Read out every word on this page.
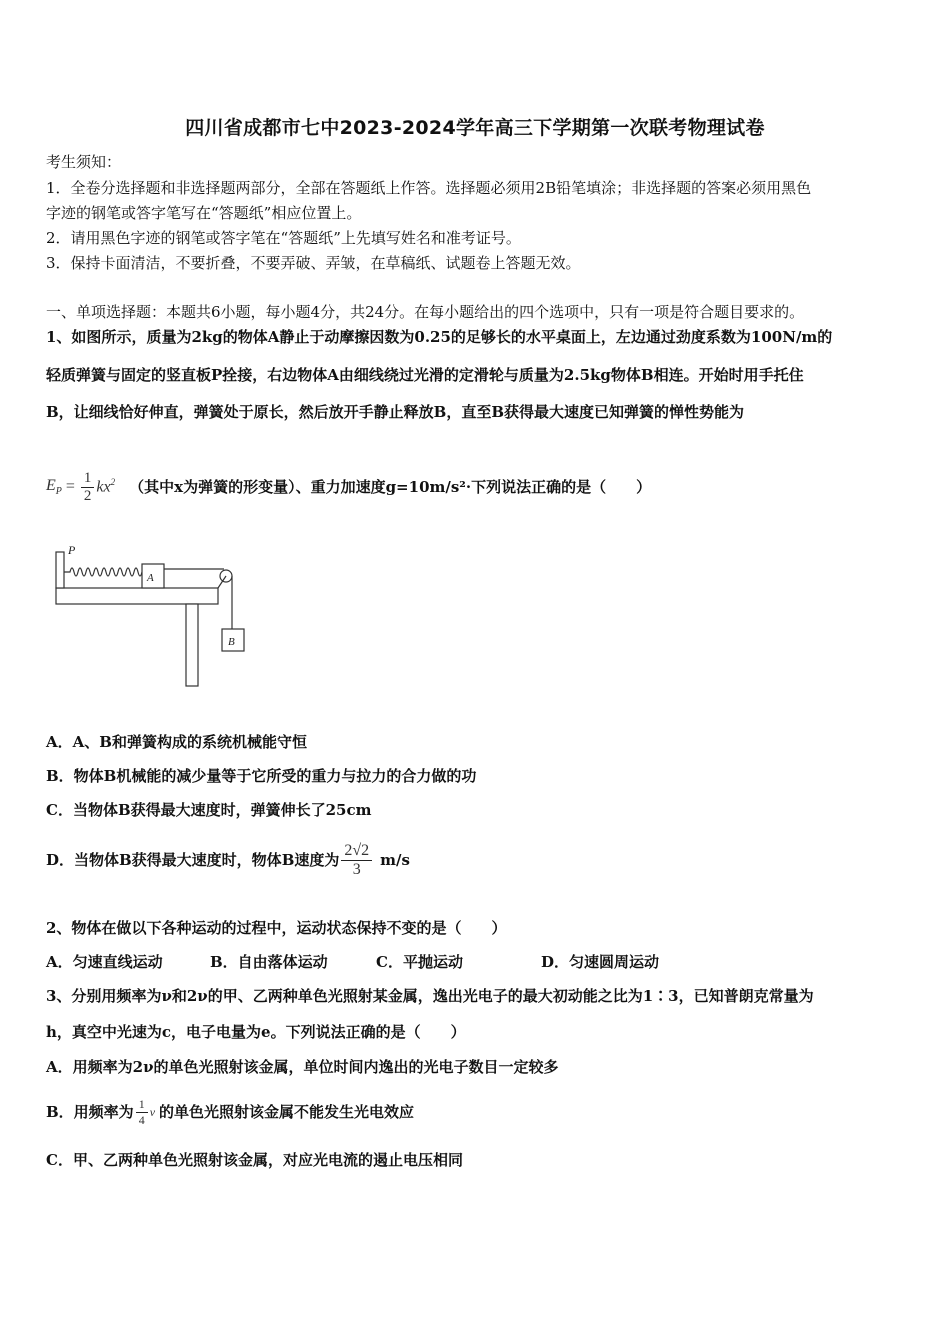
四川省成都市七中2023-2024学年高三下学期第一次联考物理试卷
考生须知：
1．全卷分选择题和非选择题两部分，全部在答题纸上作答。选择题必须用2B铅笔填涂；非选择题的答案必须用黑色
字迹的钢笔或答字笔写在“答题纸”相应位置上。
2．请用黑色字迹的钢笔或答字笔在“答题纸”上先填写姓名和准考证号。
3．保持卡面清洁，不要折叠，不要弄破、弄皱，在草稿纸、试题卷上答题无效。
一、单项选择题：本题共6小题，每小题4分，共24分。在每小题给出的四个选项中，只有一项是符合题目要求的。
1、如图所示，质量为2kg的物体A静止于动摩擦因数为0.25的足够长的水平桌面上，左边通过劲度系数为100N/m的
轻质弹簧与固定的竖直板P拴接，右边物体A由细线绕过光滑的定滑轮与质量为2.5kg物体B相连。开始时用手托住
B，让细线恰好伸直，弹簧处于原长，然后放开手静止释放B，直至B获得最大速度已知弹簧的惮性势能为
$E_P = \frac{1}{2} kx^2$ （其中x为弹簧的形变量）、重力加速度g=10m/s²·下列说法正确的是（　　）
P
A
B
A．A、B和弹簧构成的系统机械能守恒
B．物体B机械能的减少量等于它所受的重力与拉力的合力做的功
C．当物体B获得最大速度时，弹簧伸长了25cm
D．当物体B获得最大速度时，物体B速度为 $\frac{2√2}{3} m/s$
2、物体在做以下各种运动的过程中，运动状态保持不变的是（　　）
A．匀速直线运动	B．自由落体运动	C．平抛运动	D．匀速圆周运动
3、分别用频率为ν和2ν的甲、乙两种单色光照射某金属，逸出光电子的最大初动能之比为1∶3，已知普朗克常量为
h，真空中光速为c，电子电量为e。下列说法正确的是（　　）
A．用频率为2ν的单色光照射该金属，单位时间内逸出的光电子数目一定较多
B．用频率为 $\frac{1}{4}$ ν 的单色光照射该金属不能发生光电效应
C．甲、乙两种单色光照射该金属，对应光电流的遏止电压相同
